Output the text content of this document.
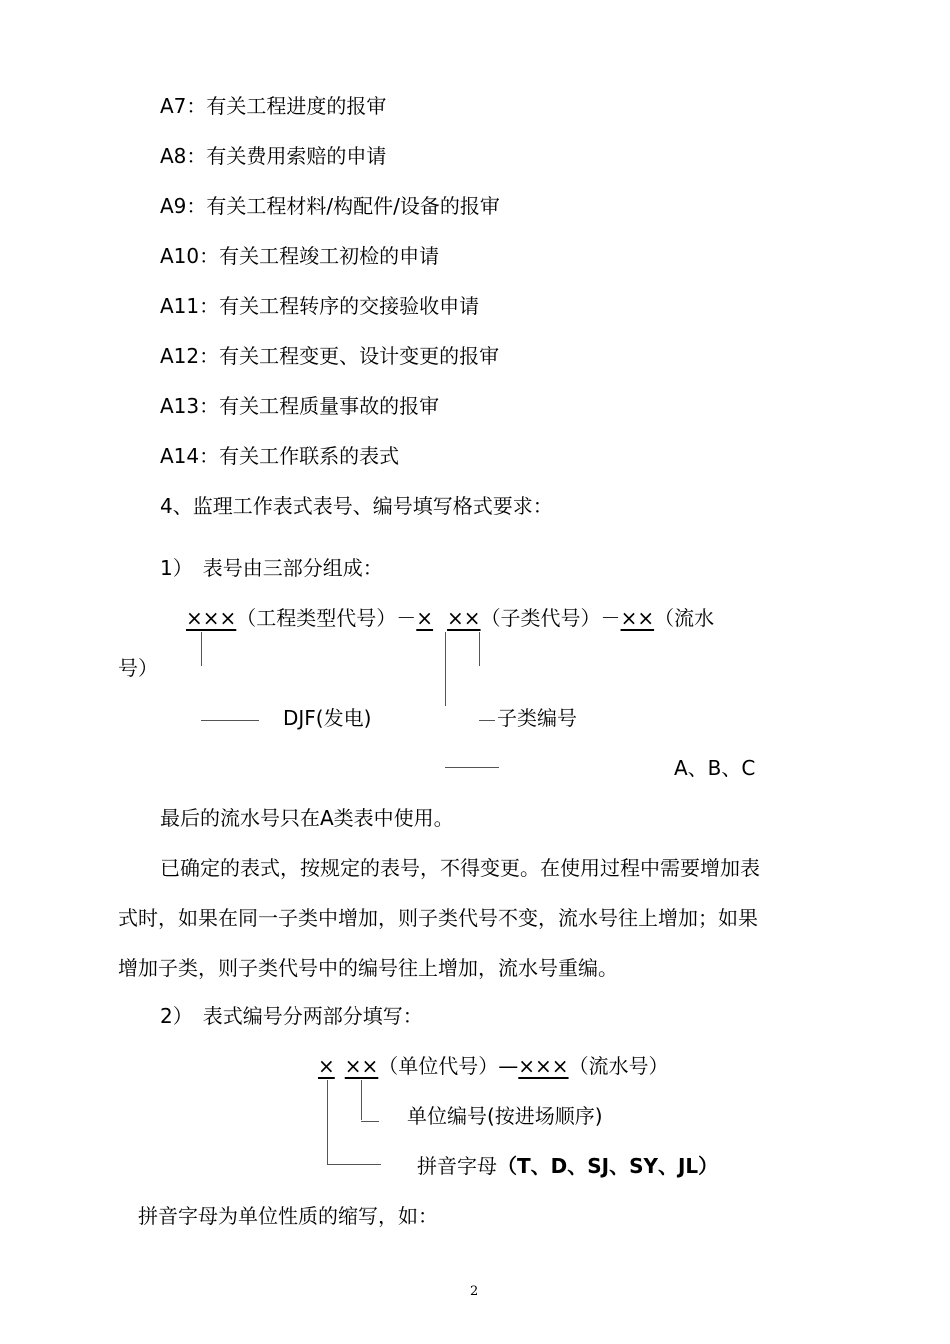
A7：有关工程进度的报审
A8：有关费用索赔的申请
A9：有关工程材料/构配件/设备的报审
A10：有关工程竣工初检的申请
A11：有关工程转序的交接验收申请
A12：有关工程变更、设计变更的报审
A13：有关工程质量事故的报审
A14：有关工作联系的表式
4、监理工作表式表号、编号填写格式要求：
1） 表号由三部分组成：
×××（工程类型代号）－× ××（子类代号）－××（流水
号）
DJF(发电)	子类编号
A、B、C
最后的流水号只在A类表中使用。
已确定的表式，按规定的表号，不得变更。在使用过程中需要增加表
式时，如果在同一子类中增加，则子类代号不变，流水号往上增加；如果
增加子类，则子类代号中的编号往上增加，流水号重编。
2） 表式编号分两部分填写：
× ××（单位代号）—×××（流水号）
单位编号(按进场顺序)
拼音字母（T、D、SJ、SY、JL）
拼音字母为单位性质的缩写，如：
2
